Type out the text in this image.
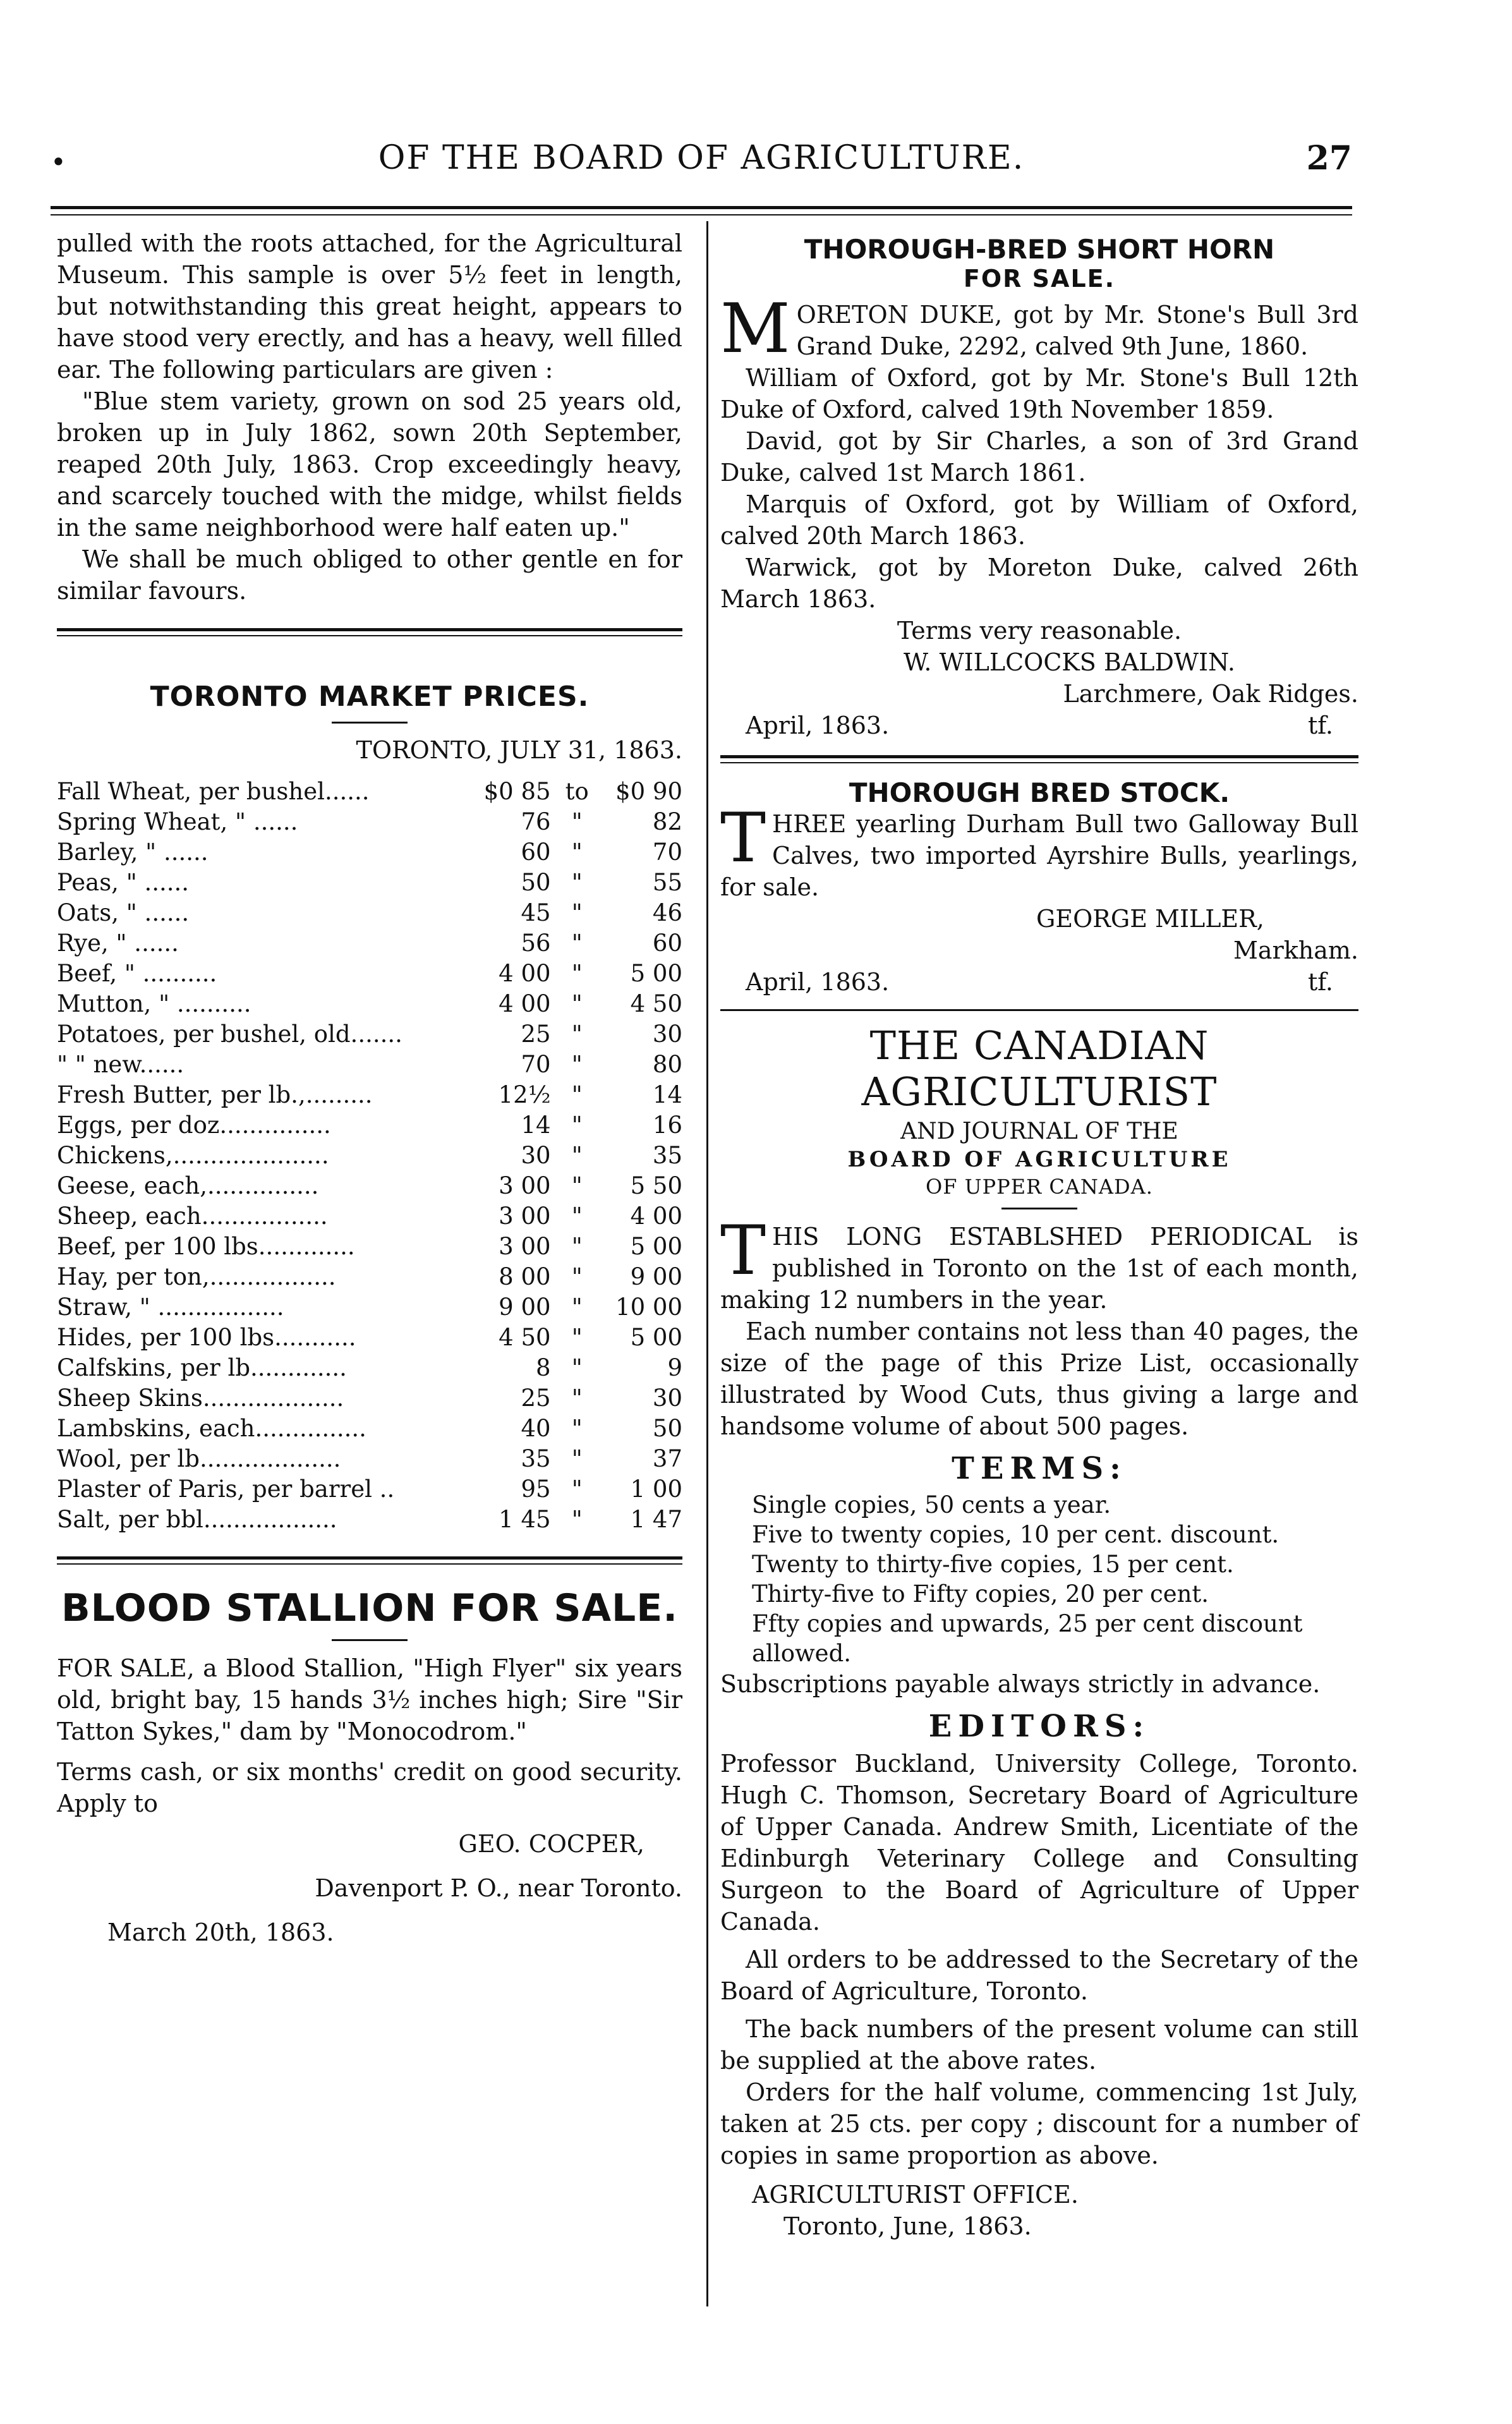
•	OF THE BOARD OF AGRICULTURE.	27

pulled with the roots attached, for the Agricultural Museum. This sample is over 5½ feet in length, but notwithstanding this great height, appears to have stood very erectly, and has a heavy, well filled ear. The following particulars are given :

"Blue stem variety, grown on sod 25 years old, broken up in July 1862, sown 20th September, reaped 20th July, 1863. Crop exceedingly heavy, and scarcely touched with the midge, whilst fields in the same neighborhood were half eaten up."

We shall be much obliged to other gentle en for similar favours.

TORONTO MARKET PRICES.
TORONTO, JULY 31, 1863.
Fall Wheat, per bushel......	$0 85	to	$0 90
Spring Wheat, " ......	76	"	82
Barley, " ......	60	"	70
Peas, " ......	50	"	55
Oats, " ......	45	"	46
Rye, " ......	56	"	60
Beef, " ..........	4 00	"	5 00
Mutton, " ..........	4 00	"	4 50
Potatoes, per bushel, old.......	25	"	30
" " new......	70	"	80
Fresh Butter, per lb.,.........	12½	"	14
Eggs, per doz...............	14	"	16
Chickens,.....................	30	"	35
Geese, each,...............	3 00	"	5 50
Sheep, each.................	3 00	"	4 00
Beef, per 100 lbs.............	3 00	"	5 00
Hay, per ton,.................	8 00	"	9 00
Straw, " .................	9 00	"	10 00
Hides, per 100 lbs...........	4 50	"	5 00
Calfskins, per lb.............	8	"	9
Sheep Skins...................	25	"	30
Lambskins, each...............	40	"	50
Wool, per lb...................	35	"	37
Plaster of Paris, per barrel ..	95	"	1 00
Salt, per bbl..................	1 45	"	1 47
BLOOD STALLION FOR SALE.

FOR SALE, a Blood Stallion, "High Flyer" six years old, bright bay, 15 hands 3½ inches high; Sire "Sir Tatton Sykes," dam by "Monocodrom."

Terms cash, or six months' credit on good security. Apply to

GEO. COCPER,

Davenport P. O., near Toronto.

March 20th, 1863.

THOROUGH-BRED SHORT HORN
FOR SALE.

MORETON DUKE, got by Mr. Stone's Bull 3rd Grand Duke, 2292, calved 9th June, 1860.

William of Oxford, got by Mr. Stone's Bull 12th Duke of Oxford, calved 19th November 1859.

David, got by Sir Charles, a son of 3rd Grand Duke, calved 1st March 1861.

Marquis of Oxford, got by William of Oxford, calved 20th March 1863.

Warwick, got by Moreton Duke, calved 26th March 1863.

Terms very reasonable.

W. WILLCOCKS BALDWIN.

Larchmere, Oak Ridges.

April, 1863.	tf.
THOROUGH BRED STOCK.

THREE yearling Durham Bull two Galloway Bull Calves, two imported Ayrshire Bulls, yearlings, for sale.

GEORGE MILLER,

Markham.

April, 1863.	tf.
THE CANADIAN AGRICULTURIST
AND JOURNAL OF THE
BOARD OF AGRICULTURE
OF UPPER CANADA.

THIS LONG ESTABLSHED PERIODICAL is published in Toronto on the 1st of each month, making 12 numbers in the year.

Each number contains not less than 40 pages, the size of the page of this Prize List, occasionally illustrated by Wood Cuts, thus giving a large and handsome volume of about 500 pages.

TERMS:

Single copies, 50 cents a year.

Five to twenty copies, 10 per cent. discount.

Twenty to thirty-five copies, 15 per cent.

Thirty-five to Fifty copies, 20 per cent.

Ffty copies and upwards, 25 per cent discount allowed.

Subscriptions payable always strictly in advance.

EDITORS:

Professor Buckland, University College, Toronto. Hugh C. Thomson, Secretary Board of Agriculture of Upper Canada. Andrew Smith, Licentiate of the Edinburgh Veterinary College and Consulting Surgeon to the Board of Agriculture of Upper Canada.

All orders to be addressed to the Secretary of the Board of Agriculture, Toronto.

The back numbers of the present volume can still be supplied at the above rates.

Orders for the half volume, commencing 1st July, taken at 25 cts. per copy ; discount for a number of copies in same proportion as above.

AGRICULTURIST OFFICE.

Toronto, June, 1863.
